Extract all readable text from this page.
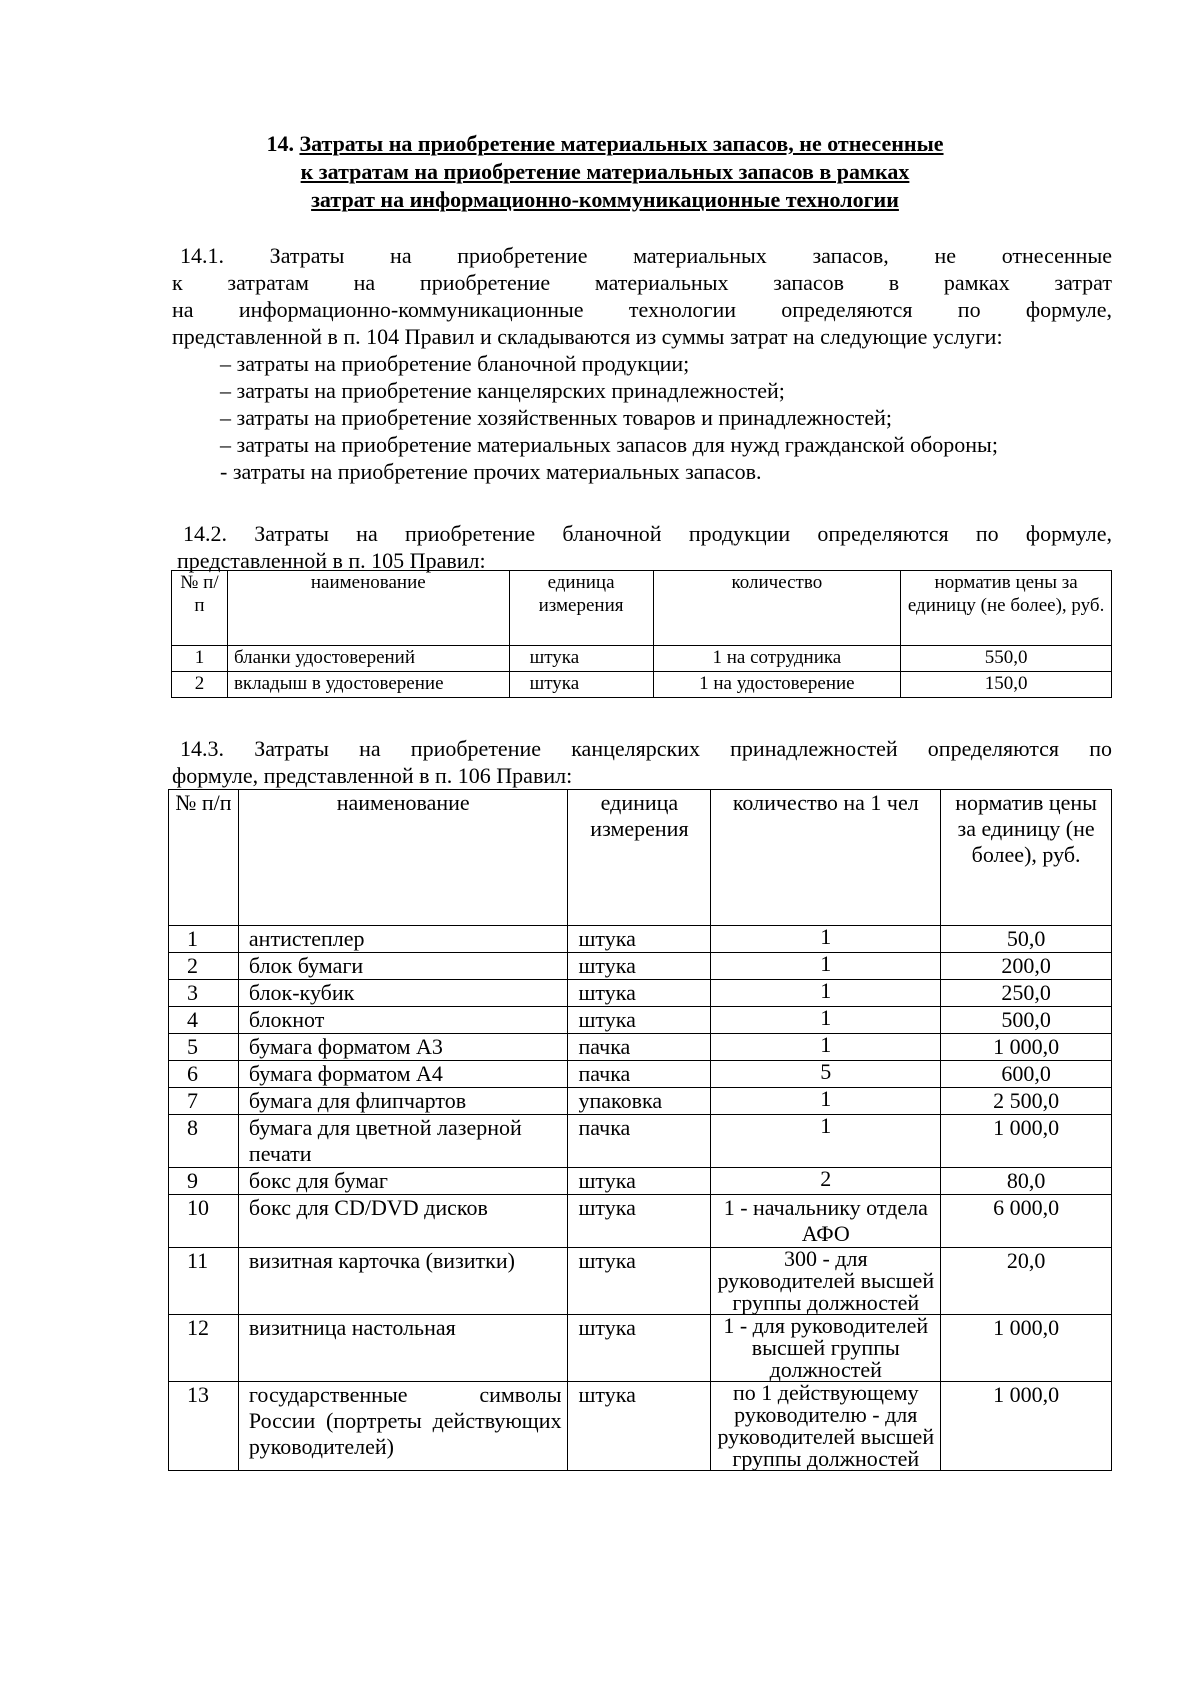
14. Затраты на приобретение материальных запасов, не отнесенные
к затратам на приобретение материальных запасов в рамках
затрат на информационно-коммуникационные технологии
14.1. Затраты на приобретение материальных запасов, не отнесенные
к затратам на приобретение материальных запасов в рамках затрат
на информационно-коммуникационные технологии определяются по формуле,
представленной в п. 104 Правил и складываются из суммы затрат на следующие услуги:
– затраты на приобретение бланочной продукции;
– затраты на приобретение канцелярских принадлежностей;
– затраты на приобретение хозяйственных товаров и принадлежностей;
– затраты на приобретение материальных запасов для нужд гражданской обороны;
- затраты на приобретение прочих материальных запасов.
14.2. Затраты на приобретение бланочной продукции определяются по формуле,
представленной в п. 105 Правил:
№ п/п	наименование	единица измерения	количество	норматив цены за единицу (не более), руб.
1	бланки удостоверений	штука	1 на сотрудника	550,0
2	вкладыш в удостоверение	штука	1 на удостоверение	150,0
14.3. Затраты на приобретение канцелярских принадлежностей определяются по
формуле, представленной в п. 106 Правил:
№ п/п	наименование	единица измерения	количество на 1 чел	норматив цены за единицу (не более), руб.
1	антистеплер	штука	1	50,0
2	блок бумаги	штука	1	200,0
3	блок-кубик	штука	1	250,0
4	блокнот	штука	1	500,0
5	бумага форматом А3	пачка	1	1 000,0
6	бумага форматом А4	пачка	5	600,0
7	бумага для флипчартов	упаковка	1	2 500,0
8	бумага для цветной лазерной печати	пачка	1	1 000,0
9	бокс для бумаг	штука	2	80,0
10	бокс для CD/DVD дисков	штука	1 - начальнику отдела АФО	6 000,0
11	визитная карточка (визитки)	штука	300 - для руководителей высшей группы должностей	20,0
12	визитница настольная	штука	1 - для руководителей высшей группы должностей	1 000,0
13	государственные символы России (портреты действующих руководителей)	штука	по 1 действующему руководителю - для руководителей высшей группы должностей	1 000,0
